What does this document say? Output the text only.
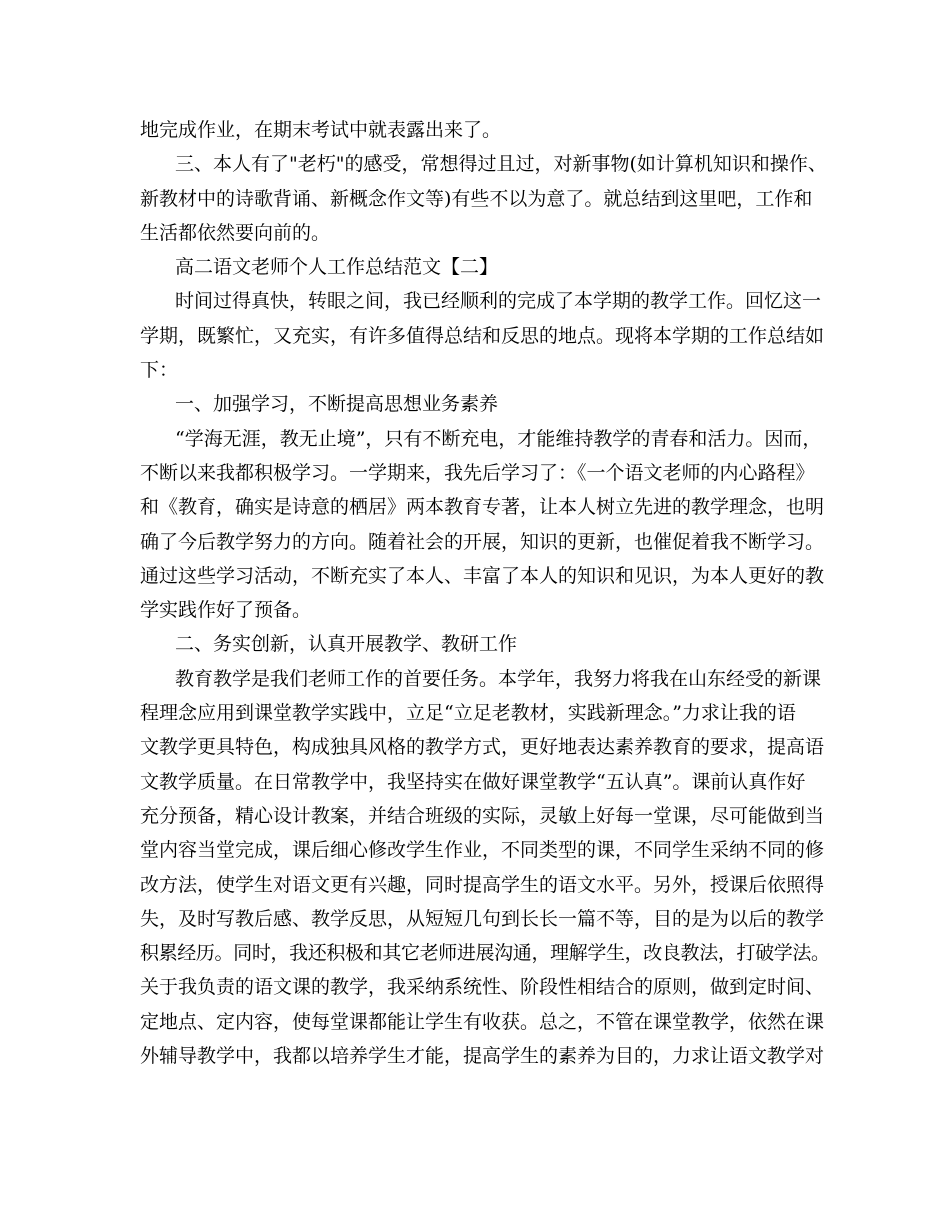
地完成作业，在期末考试中就表露出来了。
三、本人有了"老朽"的感受，常想得过且过，对新事物(如计算机知识和操作、
新教材中的诗歌背诵、新概念作文等)有些不以为意了。就总结到这里吧，工作和
生活都依然要向前的。
高二语文老师个人工作总结范文【二】
时间过得真快，转眼之间，我已经顺利的完成了本学期的教学工作。回忆这一
学期，既繁忙，又充实，有许多值得总结和反思的地点。现将本学期的工作总结如
下：
一、加强学习，不断提高思想业务素养
“学海无涯，教无止境”，只有不断充电，才能维持教学的青春和活力。因而，
不断以来我都积极学习。一学期来，我先后学习了：《一个语文老师的内心路程》
和《教育，确实是诗意的栖居》两本教育专著，让本人树立先进的教学理念，也明
确了今后教学努力的方向。随着社会的开展，知识的更新，也催促着我不断学习。
通过这些学习活动，不断充实了本人、丰富了本人的知识和见识，为本人更好的教
学实践作好了预备。
二、务实创新，认真开展教学、教研工作
教育教学是我们老师工作的首要任务。本学年，我努力将我在山东经受的新课
程理念应用到课堂教学实践中，立足“立足老教材，实践新理念。”力求让我的语
文教学更具特色，构成独具风格的教学方式，更好地表达素养教育的要求，提高语
文教学质量。在日常教学中，我坚持实在做好课堂教学“五认真”。课前认真作好
充分预备，精心设计教案，并结合班级的实际，灵敏上好每一堂课，尽可能做到当
堂内容当堂完成，课后细心修改学生作业，不同类型的课，不同学生采纳不同的修
改方法，使学生对语文更有兴趣，同时提高学生的语文水平。另外，授课后依照得
失，及时写教后感、教学反思，从短短几句到长长一篇不等，目的是为以后的教学
积累经历。同时，我还积极和其它老师进展沟通，理解学生，改良教法，打破学法。
关于我负责的语文课的教学，我采纳系统性、阶段性相结合的原则，做到定时间、
定地点、定内容，使每堂课都能让学生有收获。总之，不管在课堂教学，依然在课
外辅导教学中，我都以培养学生才能，提高学生的素养为目的，力求让语文教学对
